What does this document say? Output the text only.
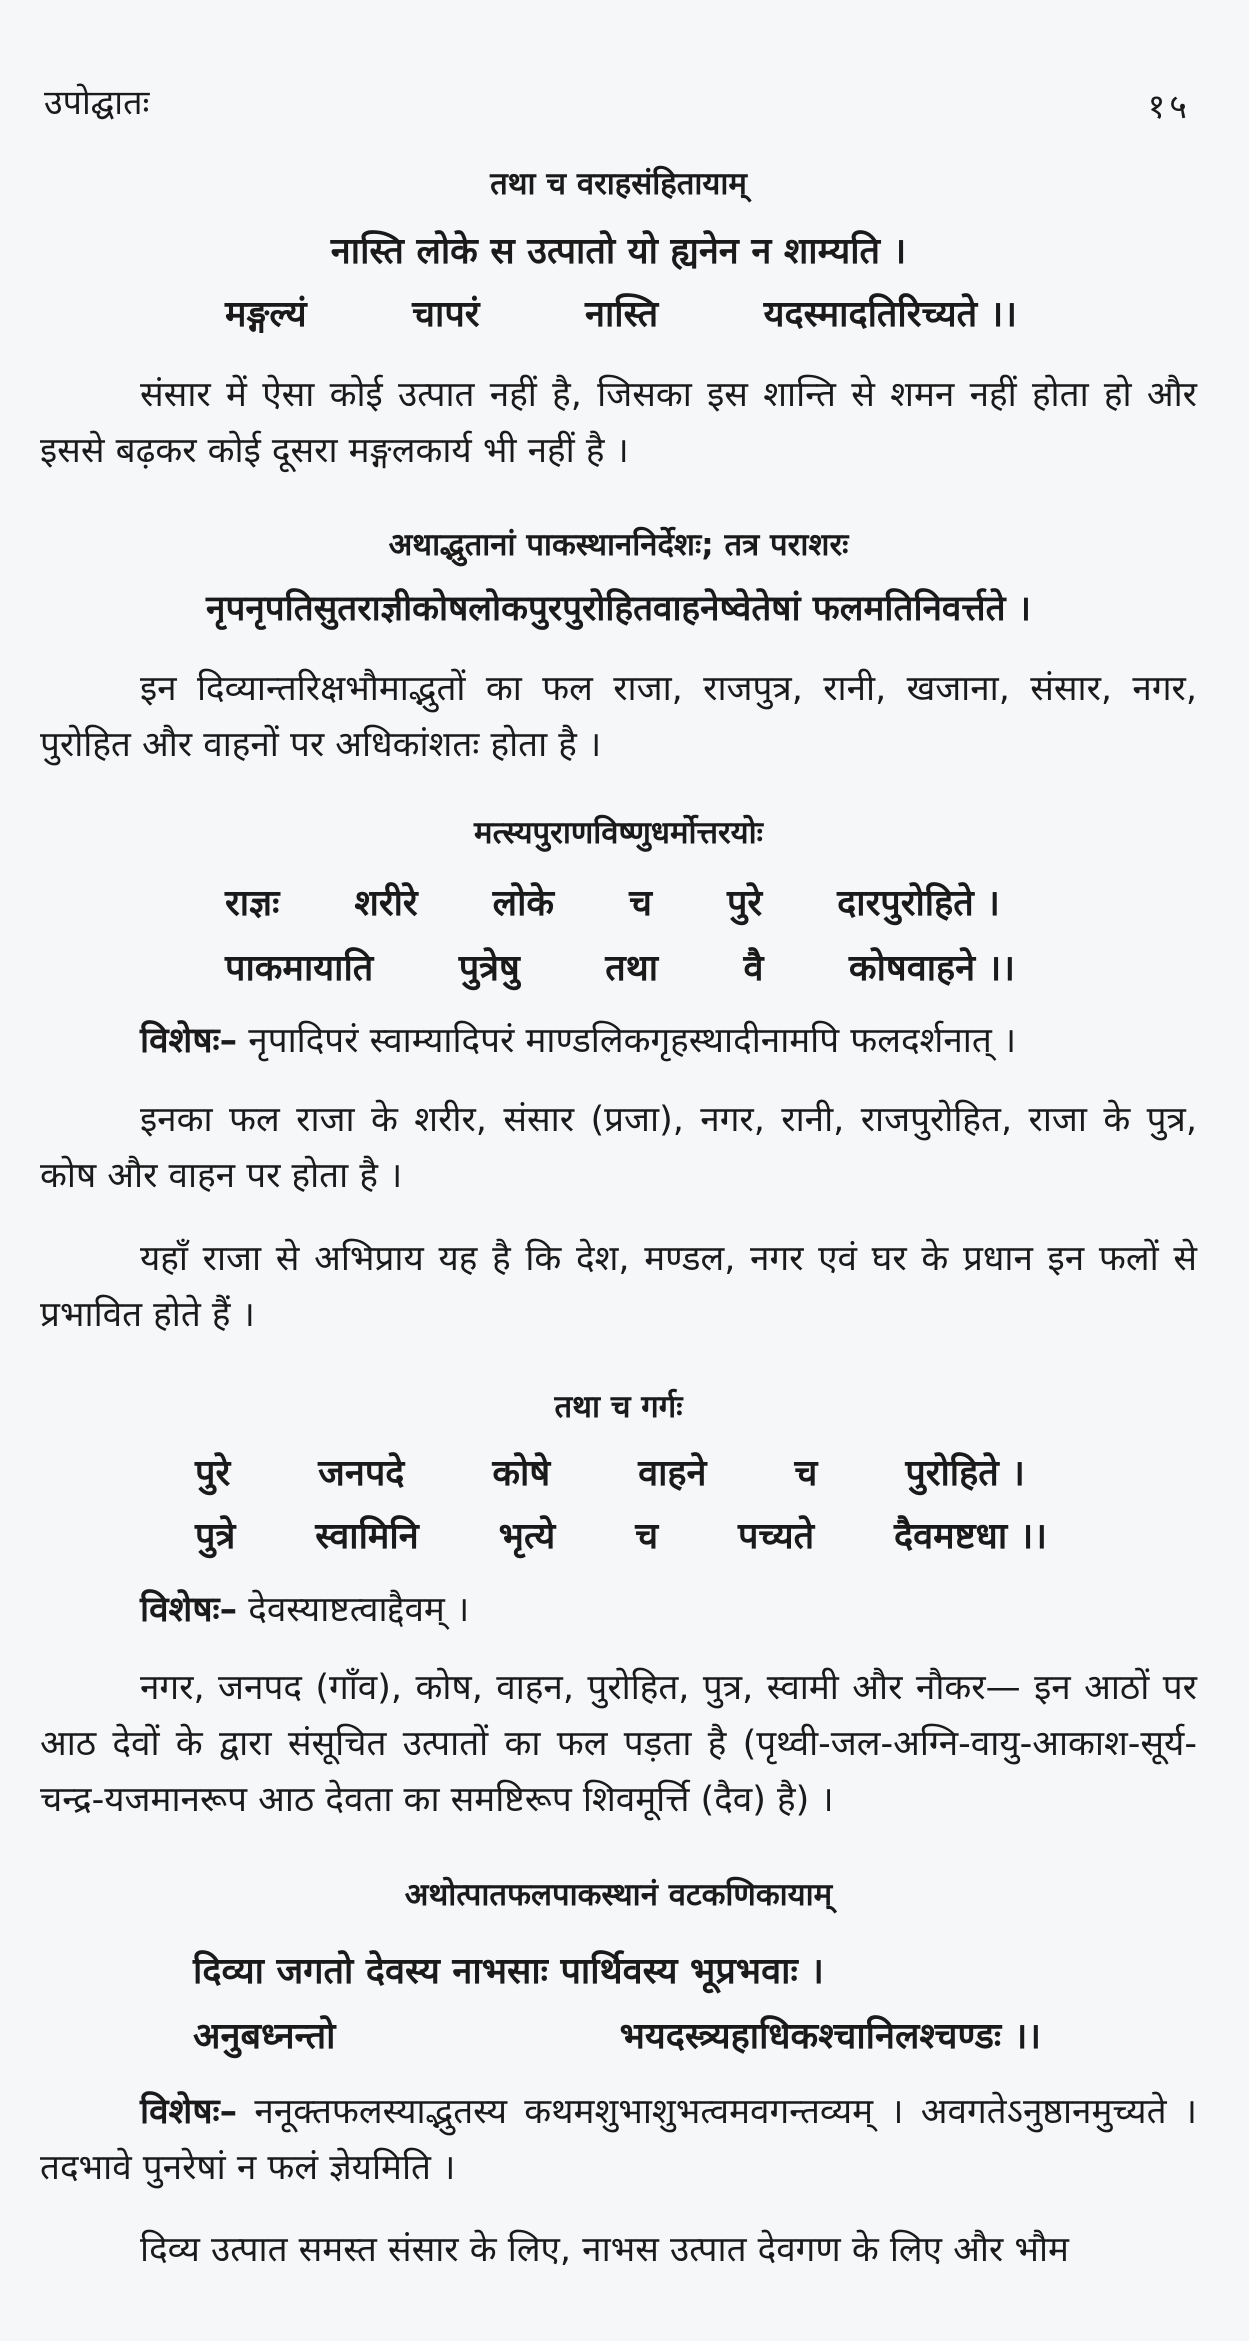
उपोद्घातः	१५
तथा च वराहसंहितायाम्
नास्ति लोके स उत्पातो यो ह्यनेन न शाम्यति ।
मङ्गल्यं	चापरं	नास्ति	यदस्मादतिरिच्यते ।।
संसार में ऐसा कोई उत्पात नहीं है, जिसका इस शान्ति से शमन नहीं होता हो और इससे बढ़कर कोई दूसरा मङ्गलकार्य भी नहीं है ।
अथाद्भुतानां पाकस्थाननिर्देशः; तत्र पराशरः
नृपनृपतिसुतराज्ञीकोषलोकपुरपुरोहितवाहनेष्वेतेषां फलमतिनिवर्त्तते ।
इन दिव्यान्तरिक्षभौमाद्भुतों का फल राजा, राजपुत्र, रानी, खजाना, संसार, नगर, पुरोहित और वाहनों पर अधिकांशतः होता है ।
मत्स्यपुराणविष्णुधर्मोत्तरयोः
राज्ञः शरीरे लोके च पुरे दारपुरोहिते ।
पाकमायाति पुत्रेषु तथा वै कोषवाहने ।।
विशेषः– नृपादिपरं स्वाम्यादिपरं माण्डलिकगृहस्थादीनामपि फलदर्शनात् ।
इनका फल राजा के शरीर, संसार (प्रजा), नगर, रानी, राजपुरोहित, राजा के पुत्र, कोष और वाहन पर होता है ।
यहाँ राजा से अभिप्राय यह है कि देश, मण्डल, नगर एवं घर के प्रधान इन फलों से प्रभावित होते हैं ।
तथा च गर्गः
पुरे जनपदे कोषे वाहने च पुरोहिते ।
पुत्रे स्वामिनि भृत्ये च पच्यते दैवमष्टधा ।।
विशेषः– देवस्याष्टत्वाद्दैवम् ।
नगर, जनपद (गाँव), कोष, वाहन, पुरोहित, पुत्र, स्वामी और नौकर— इन आठों पर आठ देवों के द्वारा संसूचित उत्पातों का फल पड़ता है (पृथ्वी-जल-अग्नि-वायु-आकाश-सूर्य-चन्द्र-यजमानरूप आठ देवता का समष्टिरूप शिवमूर्त्ति (दैव) है) ।
अथोत्पातफलपाकस्थानं वटकणिकायाम्
दिव्या जगतो देवस्य नाभसाः पार्थिवस्य भूप्रभवाः ।
अनुबध्नन्तो	भयदस्त्र्यहाधिकश्चानिलश्चण्डः ।।
विशेषः– ननूक्तफलस्याद्भुतस्य कथमशुभाशुभत्वमवगन्तव्यम् । अवगतेऽनुष्ठानमुच्यते । तदभावे पुनरेषां न फलं ज्ञेयमिति ।
दिव्य उत्पात समस्त संसार के लिए, नाभस उत्पात देवगण के लिए और भौम
